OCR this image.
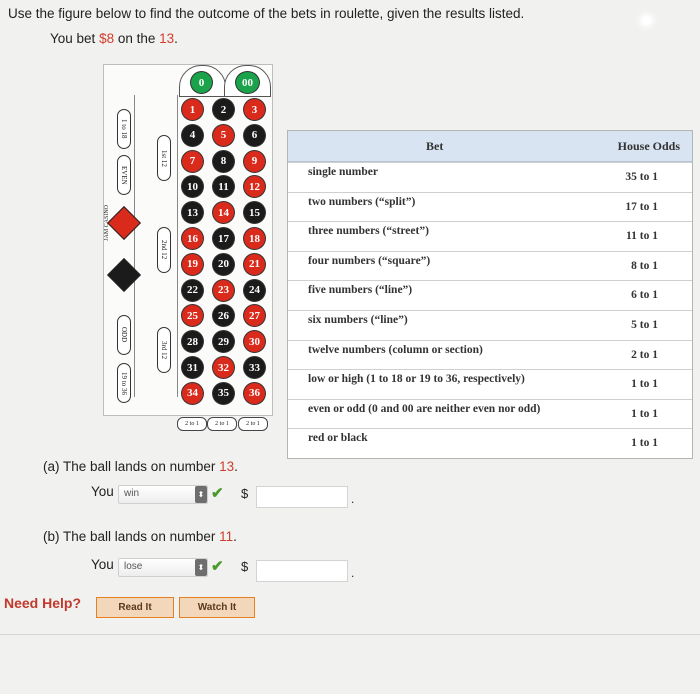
Use the figure below to find the outcome of the bets in roulette, given the results listed.
You bet $8 on the 13.
0	00
1 to 18
EVEN
ODD
19 to 36
JAM CASINO
1st 12
2nd 12
3rd 12
1	2	3
4	5	6
7	8	9
10	11	12
13	14	15
16	17	18
19	20	21
22	23	24
25	26	27
28	29	30
31	32	33
34	35	36
2 to 1	2 to 1	2 to 1
Bet	House Odds
single number	35 to 1
two numbers (“split”)	17 to 1
three numbers (“street”)	11 to 1
four numbers (“square”)	8 to 1
five numbers (“line”)	6 to 1
six numbers (“line”)	5 to 1
twelve numbers (column or section)	2 to 1
low or high (1 to 18 or 19 to 36, respectively)	1 to 1
even or odd (0 and 00 are neither even nor odd)	1 to 1
red or black	1 to 1
(a) The ball lands on number 13.
You win	⬍ ✔ $	.
(b) The ball lands on number 11.
You lose	⬍ ✔ $	.
Need Help?	Read It	Watch It
